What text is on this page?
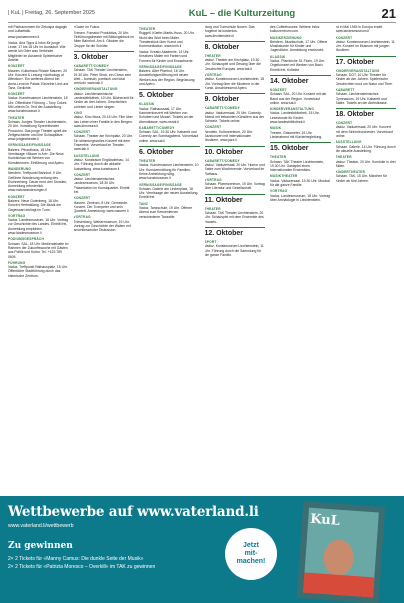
| KuL | Freitag, 26. September 2025	KuL – die Kulturzeitung	21

mit Pachamomem für Zirkuspa dagogik und Luftartistik.

www.pachamomen.li

Vaduz. Aha Tipps & Infos für junge Leute, 17 bis 18 Uhr im Auviaduit. Wie werde ich Oder was Verbindet Mitglieder im Aussendi Spielerischer Anteile.

KONZERT

Mauren. Kulturhaus Rössle Mauren, 20 Uhr. Konzert & Lesung «Anthology of Affection». Ein weiteres Abend bei Anna-Lena im Palast. Einzelne Lied und Tanz, Gedichte.

KONZERT

Vaduz. Kunstmuseum Liechtenstein, 18 Uhr. Öffentliche Führung – Tony Cokes. Mit Leiterin Dr. Text der Ausstellung. www.kunstmuseum.li

THEATER

Schaan. Junges Theater Liechtenstein, 20 Uhr. Vorstellung Sprechtheater Pinocchio. Das junge Theater spielt die Zeitgeschichte und ihre Schauplätze. www.jungestheater.li

VERNISSAGE/FINISSAGE

Balzers. Pfrundhaus, 18 Uhr. Vernissage «Bloom in Art». Die Neue Kunstschau mit Werken von Künstlerinnen. Einführung und Apéro.

WANDERUNG

Nendeln. Treffpunkt Bahnhof, 9 Uhr. Geführte Wanderung entlang des Eschnerberg. Dauer rund drei Stunden, Anmeldung erforderlich. www.naturwanderungen.li

KONZERT

Balzers. Neue Gutenberg, 18 Uhr. Konzert Herbstklang. Die Musik der Gegenwart erklingt im Turm.

VORTRAG

Vaduz. Landesmuseum, 18 Uhr. Vortrag zur Geschichte des Landes. Eintritt frei, Anmeldung empfohlen. www.landesmuseum.li

PODIUMSGESPRÄCH

Schaan. SAL, 18 Uhr. Mediendebatte im Rahmen der Zukunftswoche mit Gästen aus Politik und Kultur. Tel. +423 789 0606

FÜHRUNG

Vaduz. Treffpunkt Rathausplatz, 15 Uhr. Öffentliche Stadtführung durch das historische Zentrum.

«Gaia» im Fokus.

Triesen. Fomatici Produktiva, 20 Uhr. Einführungstheater mit Bildungsblock im Alten Bahnhof. Am 4. Oktober die Gruppe für die Schüler.

3. Oktober
KABARETT/COMEDY

Schaan. TAK Theater Liechtenstein, 19.30 Uhr. Peter Shub, ein Clown sein Welt – komisch, poetisch und total verrückt. www.tak.li

KINDERVERANSTALTUNG

Vaduz. Liechtensteinische Landesbibliothek, 10 Uhr. Bücherzeit für Kinder ab drei Jahren. Geschichten vorlesen und Lieder singen.

KINO

Vaduz. Kino Mura, 20.15 Uhr. Film über das Leben einer Familie in den Bergen. www.kinomura.li

KONZERT

Schaan. Theater am Kirchplatz, 20 Uhr. Ein stimmungsvolles Konzert mit dem Ensemble. Vorverkauf im Theater. www.tak.li

AUSSTELLUNG

Vaduz. Kunstraum Engländerbau, 14 Uhr. Führung durch die aktuelle Ausstellung. www.kunstraum.li

KONZERT

Vaduz. Liechtensteinisches Landesmuseum, 18.30 Uhr. Präsentation im Kunstquartier. Eintritt frei.

KONZERT

Mauren. Zentrum, 8 Uhr. Gemeinde-Konzert. Der Trompeter und sein Quartett. Anmeldung: www.mauren.li

VORTRAG

Triesenberg. Walsermuseum, 19 Uhr. Vortrag zur Geschichte der Walser mit anschliessender Diskussion.

THEATER

Ruggell. Küefer-Martis-Huus, 20 Uhr. Nicht das Wort beim Maler. Theaterstück über Kunst und Kommunikation. www.kmh.li

Vaduz. Kreativ Akademie, 14 Uhr. Kreatives Malen mit Farben und Formen für Kinder und Erwachsene.

VERNISSAGE/FINISSAGE

Balzers. Alter Pfarrhof, 16 Uhr. Ausstellungseröffnung mit neuen Werken aus der Region. Begrüssung und Apéro.

5. Oktober
KLASSIK

Vaduz. Rathaussaal, 17 Uhr. Kammerkonzert mit Werken von Schubert und Mozart. Tickets an der Abendkasse. www.musik.li

KABARETT/COMEDY

Schaan. SAL, 19.30 Uhr. Kabarett und Comedy am Sonntagabend. Vorverkauf online. www.sal.li

6. Oktober
THEATER

Vaduz. Kunstmuseum Liechtenstein, 10 Uhr. Kunstvermittlung für Familien. Keine Anmeldung nötig. www.kunstmuseum.li

VERNISSAGE/FINISSAGE

Schaan. Galerie am Lindenplatz, 18 Uhr. Vernissage der neuen Ausstellung. Eintritt frei.

TANZ

Vaduz. Tanzschule, 19 Uhr. Offener Abend zum Kennenlernen verschiedener Tanzstile.

dung und Tumschule Nosen. Das Angebot ist kostenlos. www.liechtenstein.li

8. Oktober
THEATER

Vaduz. Theater am Kirchplatz, 19.30 Uhr. Schauspiel und Gesang über die Geschichte Europas. www.tak.li

VORTRAG

Vaduz. Kunstmuseum Liechtenstein, 18 Uhr. Vortrag über die Moderne in der Kunst. Anschliessend Apéro.

9. Oktober
KABARETT/COMEDY

Vaduz. Vaduzersaal, 20 Uhr. Comedy-Abend mit bekannten Künstlern aus der Schweiz. Tickets online.

KONZERT

Nendeln. Kulturzentrum, 20 Uhr. Jazzkonzert mit internationalen Musikern. www.jazz.li

10. Oktober
KABARETT/COMEDY

Vaduz. Vaduzersaal, 20 Uhr. Humor und Satire zum Wochenende. Vorverkauf im Rathaus.

VORTRAG

Schaan. Pfarreizentrum, 19 Uhr. Vortrag über Literatur und Gesellschaft.

11. Oktober
THEATER

Schaan. TAK Theater Liechtenstein, 20 Uhr. Schauspiel mit dem Ensemble des Hauses.

12. Oktober
SPORT

Vaduz. Kunstmuseum Liechtenstein, 11 Uhr. Führung durch die Sammlung für die ganze Familie.

des Coffeehouses. Weitere Infos: kulturzentrum.com.

MUSIKERZIEHUNG

Bendern. Musikschule, 17 Uhr. Offene Musikstunde für Kinder und Jugendliche. Anmeldung erwünscht.

KLASSIK

Vaduz. Pfarrkirche St. Florin, 19 Uhr. Orgelkonzert mit Werken von Bach. Eintritt frei, Kollekte.

14. Oktober
KONZERT

Schaan. SAL, 20 Uhr. Konzert mit der Band aus der Region. Vorverkauf online. www.sal.li

KINDERVERANSTALTUNG

Vaduz. Landesbibliothek, 15 Uhr. Lesestunde für Kinder. www.landesbibliothek.li

MUSIK

Triesen. Gasometer, 19 Uhr. Liederabend mit Klavierbegleitung.

15. Oktober
THEATER

Schaan. TAK Theater Liechtenstein, 19.30 Uhr. Gastspiel eines internationalen Ensembles.

MUSIKTHEATER

Vaduz. Vaduzersaal, 19.30 Uhr. Musical für die ganze Familie.

VORTRAG

Vaduz. Landesmuseum, 18 Uhr. Vortrag über Archäologie in Liechtenstein.

ist in Mai 1945 in Europa endet. www.landesmuseum.li

KONZERT

Vaduz. Kunstmuseum Liechtenstein, 11 Uhr. Konzert im Museum mit jungen Musikern.

17. Oktober
KINDERVERANSTALTUNG

Schaan. DOT, 10 Uhr. Theater für Kinder ab vier Jahren. Spielerische Geschichten rund um Natur und Tiere.

KABARETT

Schaan. Liechtensteinisches Gymnasium, 19 Uhr. Kabarett und Satire. Tickets an der Abendkasse.

18. Oktober
KONZERT

Vaduz. Vaduzersaal, 20 Uhr. Konzert mit dem Sinfonieorchester. Vorverkauf online.

AUSSTELLUNG

Schaan. Galerie, 14 Uhr. Führung durch die aktuelle Ausstellung.

THEATER

Vaduz. Theater, 20 Uhr. Komödie in drei Akten.

KINDERTHEATER

Schaan. TAK, 15 Uhr. Märchen für Kinder ab fünf Jahren.

Wettbewerbe auf www.vaterland.li
www.vaterland.li/wettbewerb
Zu gewinnen
2× 2 Tickets für «Manny Camus: Die dunkle Seite der Musik»
2× 2 Tickets für «Patrizia Moresco – Overkill» im TAK zu gewinnen
Jetzt
mit-
machen!
KuL
